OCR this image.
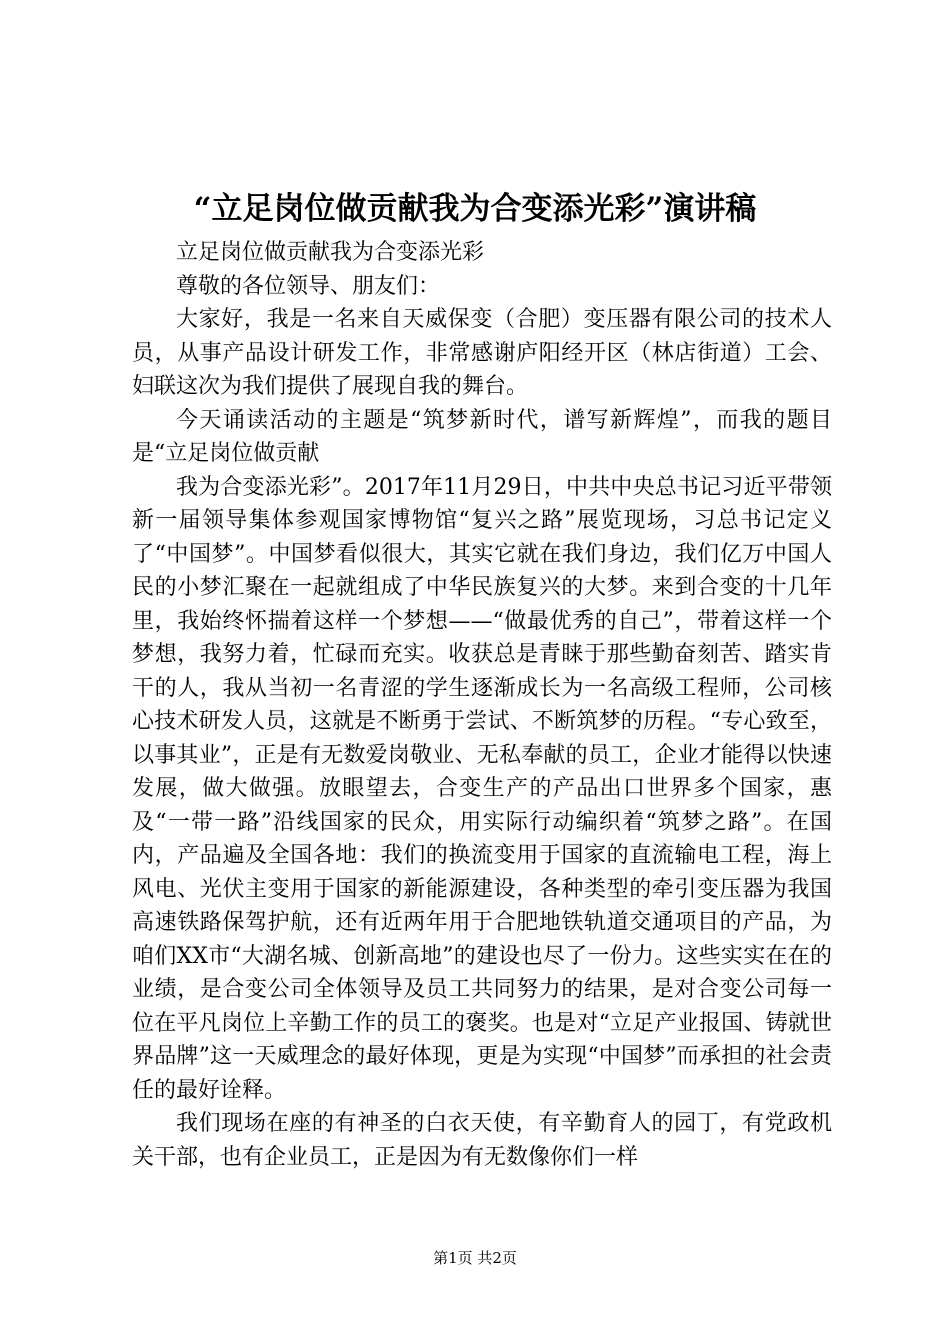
“立足岗位做贡献我为合变添光彩”演讲稿

立足岗位做贡献我为合变添光彩

尊敬的各位领导、朋友们：

大家好，我是一名来自天威保变（合肥）变压器有限公司的技术人员，从事产品设计研发工作，非常感谢庐阳经开区（林店街道）工会、妇联这次为我们提供了展现自我的舞台。

今天诵读活动的主题是“筑梦新时代，谱写新辉煌”，而我的题目是“立足岗位做贡献

我为合变添光彩”。2017年11月29日，中共中央总书记习近平带领新一届领导集体参观国家博物馆“复兴之路”展览现场，习总书记定义了“中国梦”。中国梦看似很大，其实它就在我们身边，我们亿万中国人民的小梦汇聚在一起就组成了中华民族复兴的大梦。来到合变的十几年里，我始终怀揣着这样一个梦想——“做最优秀的自己”，带着这样一个梦想，我努力着，忙碌而充实。收获总是青睐于那些勤奋刻苦、踏实肯干的人，我从当初一名青涩的学生逐渐成长为一名高级工程师，公司核心技术研发人员，这就是不断勇于尝试、不断筑梦的历程。“专心致至，以事其业”，正是有无数爱岗敬业、无私奉献的员工，企业才能得以快速发展，做大做强。放眼望去，合变生产的产品出口世界多个国家，惠及“一带一路”沿线国家的民众，用实际行动编织着“筑梦之路”。在国内，产品遍及全国各地：我们的换流变用于国家的直流输电工程，海上风电、光伏主变用于国家的新能源建设，各种类型的牵引变压器为我国高速铁路保驾护航，还有近两年用于合肥地铁轨道交通项目的产品，为咱们XX市“大湖名城、创新高地”的建设也尽了一份力。这些实实在在的业绩，是合变公司全体领导及员工共同努力的结果，是对合变公司每一位在平凡岗位上辛勤工作的员工的褒奖。也是对“立足产业报国、铸就世界品牌”这一天威理念的最好体现，更是为实现“中国梦”而承担的社会责任的最好诠释。

我们现场在座的有神圣的白衣天使，有辛勤育人的园丁，有党政机关干部，也有企业员工，正是因为有无数像你们一样

第1页 共2页
